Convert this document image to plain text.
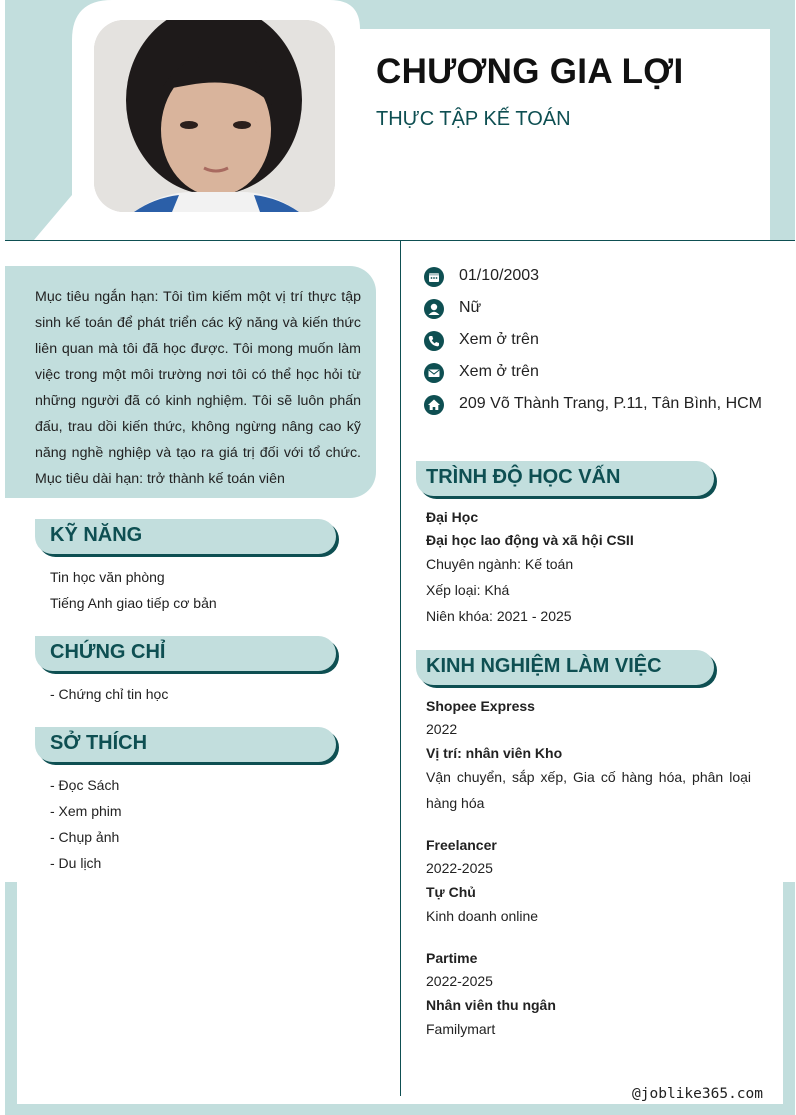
CHƯƠNG GIA LỢI
THỰC TẬP KẾ TOÁN

Mục tiêu ngắn hạn: Tôi tìm kiếm một vị trí thực tập sinh kế toán để phát triển các kỹ năng và kiến thức liên quan mà tôi đã học được. Tôi mong muốn làm việc trong một môi trường nơi tôi có thể học hỏi từ những người đã có kinh nghiệm. Tôi sẽ luôn phấn đấu, trau dồi kiến thức, không ngừng nâng cao kỹ năng nghề nghiệp và tạo ra giá trị đối với tổ chức. Mục tiêu dài hạn: trở thành kế toán viên

KỸ NĂNG
Tin học văn phòng
Tiếng Anh giao tiếp cơ bản
CHỨNG CHỈ
- Chứng chỉ tin học
SỞ THÍCH
- Đọc Sách
- Xem phim
- Chụp ảnh
- Du lịch
01/10/2003
Nữ
Xem ở trên
Xem ở trên
209 Võ Thành Trang, P.11, Tân Bình, HCM
TRÌNH ĐỘ HỌC VẤN
Đại Học
Đại học lao động và xã hội CSII
Chuyên ngành: Kế toán
Xếp loại: Khá
Niên khóa: 2021 - 2025
KINH NGHIỆM LÀM VIỆC
Shopee Express
2022
Vị trí: nhân viên Kho
Vận chuyển, sắp xếp, Gia cố hàng hóa, phân loại hàng hóa
Freelancer
2022-2025
Tự Chủ
Kinh doanh online
Partime
2022-2025
Nhân viên thu ngân
Familymart
@joblike365.com
